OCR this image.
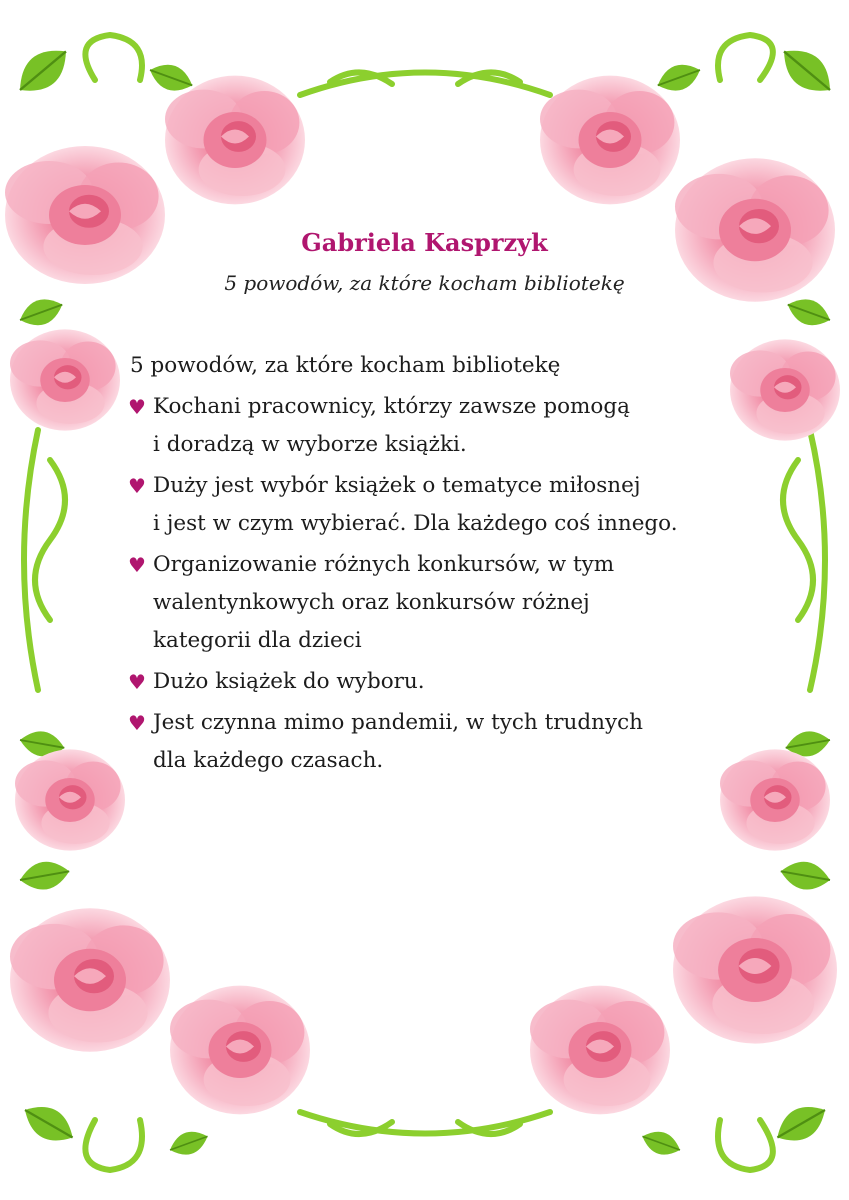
Gabriela Kasprzyk
5 powodów, za które kocham bibliotekę
5 powodów, za które kocham bibliotekę
♥ Kochani pracownicy, którzy zawsze pomogą
i doradzą w wyborze książki.
♥ Duży jest wybór książek o tematyce miłosnej
i jest w czym wybierać. Dla każdego coś innego.
♥ Organizowanie różnych konkursów, w tym
walentynkowych oraz konkursów różnej
kategorii dla dzieci
♥ Dużo książek do wyboru.
♥ Jest czynna mimo pandemii, w tych trudnych
dla każdego czasach.
